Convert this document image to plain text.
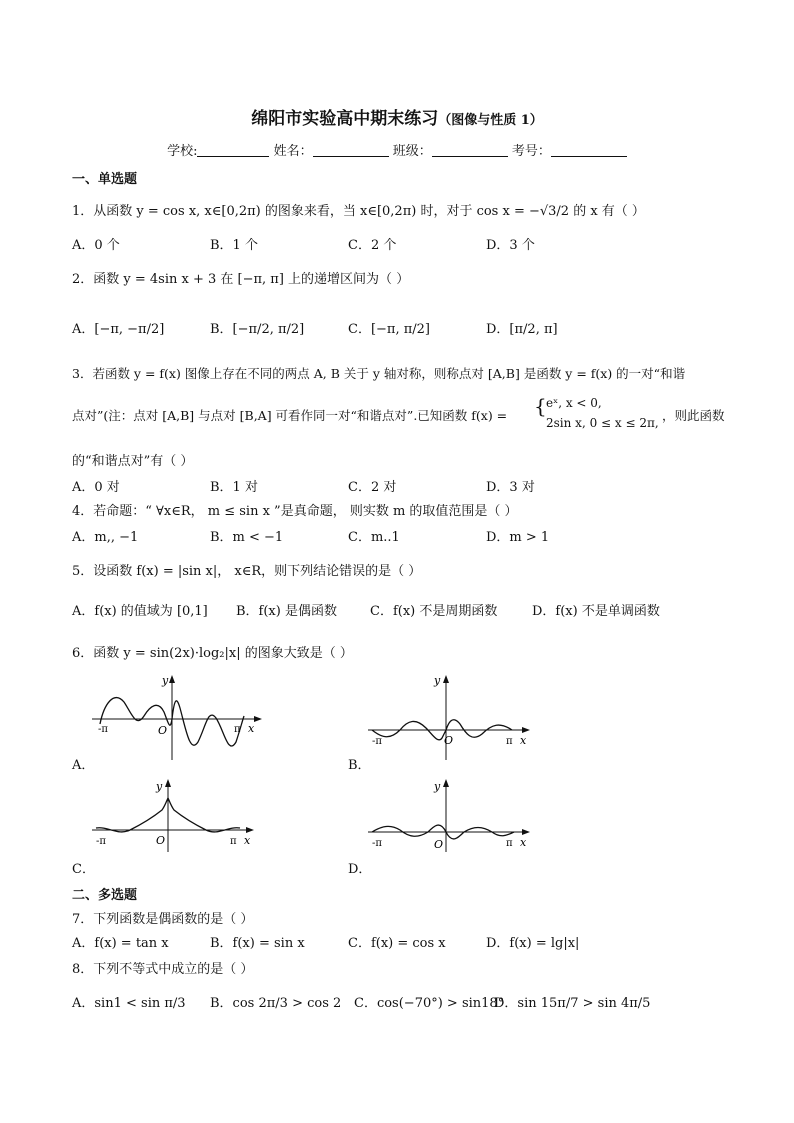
绵阳市实验高中期末练习（图像与性质 1）
学校:	姓名：	班级：	考号：
一、单选题
1．从函数 y = cos x, x∈[0,2π) 的图象来看，当 x∈[0,2π) 时，对于 cos x = −√3/2 的 x 有（ ）
A．0 个	B．1 个	C．2 个	D．3 个
2．函数 y = 4sin x + 3 在 [−π, π] 上的递增区间为（ ）
A．[−π, −π/2]	B．[−π/2, π/2]	C．[−π, π/2]	D．[π/2, π]
3．若函数 y = f(x) 图像上存在不同的两点 A, B 关于 y 轴对称，则称点对 [A,B] 是函数 y = f(x) 的一对“和谐
点对”(注：点对 [A,B] 与点对 [B,A] 可看作同一对“和谐点对”.已知函数 f(x) = { eˣ, x < 0,
2sin x, 0 ≤ x ≤ 2π, ，则此函数
的“和谐点对”有（ ）
A．0 对	B．1 对	C．2 对	D．3 对
4．若命题：“ ∀x∈R， m ≤ sin x ”是真命题， 则实数 m 的取值范围是（ ）
A．m,, −1	B．m < −1	C．m..1	D．m > 1
5．设函数 f(x) = |sin x|， x∈R，则下列结论错误的是（ ）
A．f(x) 的值域为 [0,1] B．f(x) 是偶函数	C．f(x) 不是周期函数	D．f(x) 不是单调函数
6．函数 y = sin(2x)·log₂|x| 的图象大致是（ ）
-π	π
O
y
x
A．
-π	π
O
y
x
B．
-π	π
O
y
x
C．
-π	π
O
y
x
D．
二、多选题
7．下列函数是偶函数的是（ ）
A．f(x) = tan x	B．f(x) = sin x	C．f(x) = cos x	D．f(x) = lg|x|
8．下列不等式中成立的是（ ）
A．sin1 < sin π/3 B．cos 2π/3 > cos 2 C．cos(−70°) > sin18°
D．sin 15π/7 > sin 4π/5
